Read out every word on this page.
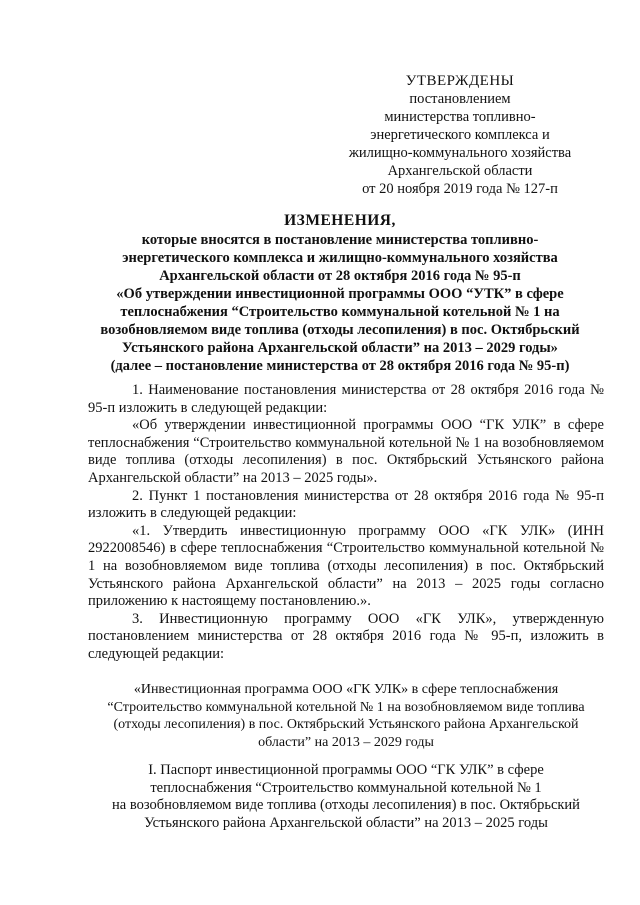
УТВЕРЖДЕНЫ
постановлением
министерства топливно-
энергетического комплекса и
жилищно-коммунального хозяйства
Архангельской области
от 20 ноября 2019 года № 127-п
ИЗМЕНЕНИЯ,
которые вносятся в постановление министерства топливно-
энергетического комплекса и жилищно-коммунального хозяйства
Архангельской области от 28 октября 2016 года № 95-п
«Об утверждении инвестиционной программы ООО “УТК” в сфере
теплоснабжения “Строительство коммунальной котельной № 1 на
возобновляемом виде топлива (отходы лесопиления) в пос. Октябрьский
Устьянского района Архангельской области” на 2013 – 2029 годы»
(далее – постановление министерства от 28 октября 2016 года № 95-п)

1. Наименование постановления министерства от 28 октября 2016 года № 95-п изложить в следующей редакции:

«Об утверждении инвестиционной программы ООО “ГК УЛК” в сфере теплоснабжения “Строительство коммунальной котельной № 1 на возобновляемом виде топлива (отходы лесопиления) в пос. Октябрьский Устьянского района Архангельской области” на 2013 – 2025 годы».

2. Пункт 1 постановления министерства от 28 октября 2016 года № 95-п изложить в следующей редакции:

«1. Утвердить инвестиционную программу ООО «ГК УЛК» (ИНН 2922008546) в сфере теплоснабжения “Строительство коммунальной котельной № 1 на возобновляемом виде топлива (отходы лесопиления) в пос. Октябрьский Устьянского района Архангельской области” на 2013 – 2025 годы согласно приложению к настоящему постановлению.».

3. Инвестиционную программу ООО «ГК УЛК», утвержденную постановлением министерства от 28 октября 2016 года № 95-п, изложить в следующей редакции:

«Инвестиционная программа ООО «ГК УЛК» в сфере теплоснабжения
“Строительство коммунальной котельной № 1 на возобновляемом виде топлива
(отходы лесопиления) в пос. Октябрьский Устьянского района Архангельской
области” на 2013 – 2029 годы
I. Паспорт инвестиционной программы ООО “ГК УЛК” в сфере
теплоснабжения “Строительство коммунальной котельной № 1
на возобновляемом виде топлива (отходы лесопиления) в пос. Октябрьский
Устьянского района Архангельской области” на 2013 – 2025 годы
